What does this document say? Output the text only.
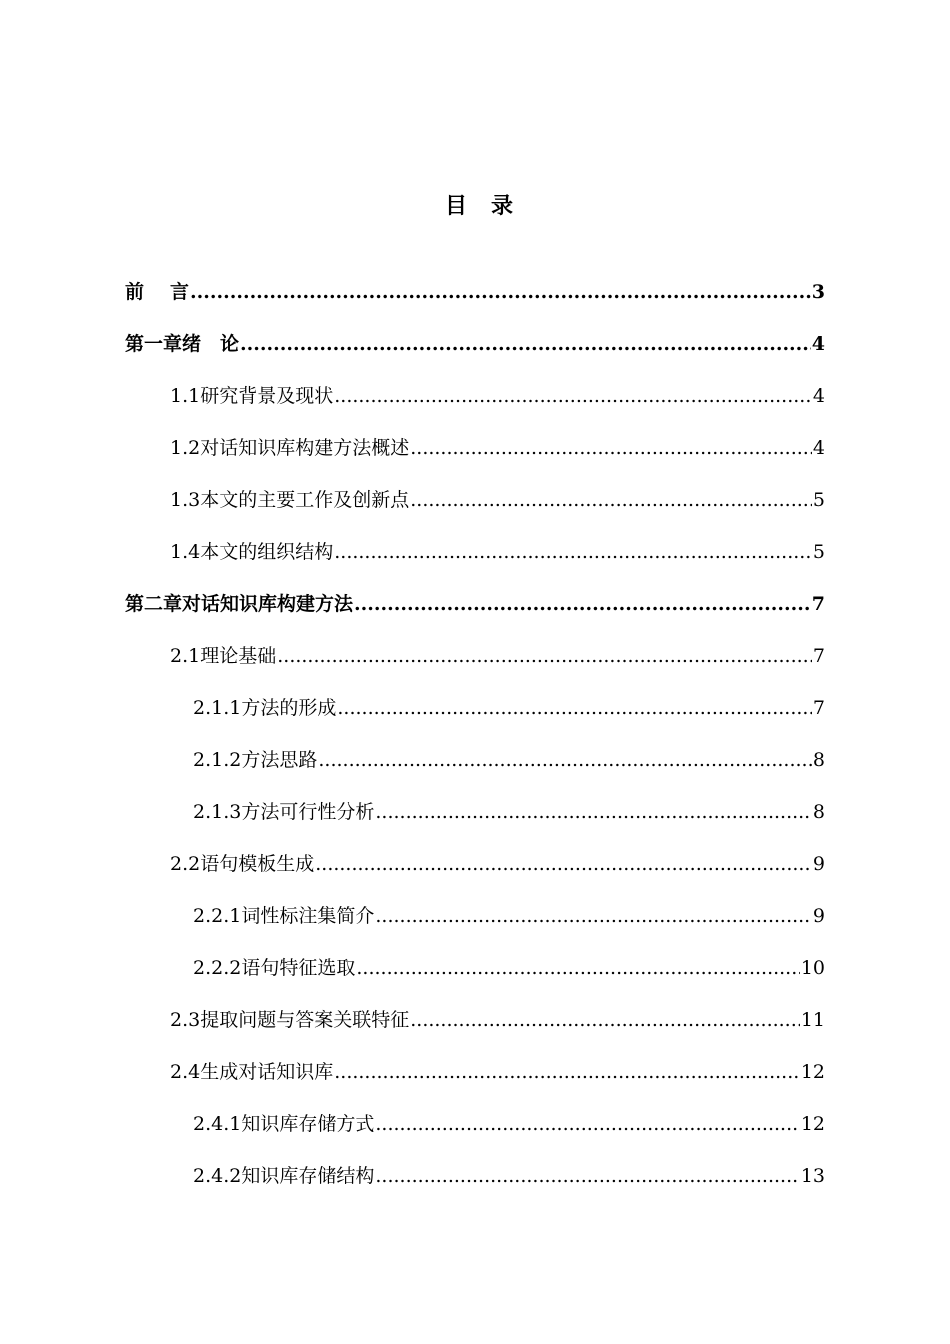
目 录
前 言 .....	3
第一章 绪　论 .....	4
1.1 研究背景及现状 .....	4
1.2 对话知识库构建方法概述 .....	4
1.3 本文的主要工作及创新点 .....	5
1.4 本文的组织结构 .....	5
第二章 对话知识库构建方法 .....	7
2.1 理论基础 .....	7
2.1.1 方法的形成 .....	7
2.1.2 方法思路 .....	8
2.1.3 方法可行性分析 .....	8
2.2 语句模板生成 .....	9
2.2.1 词性标注集简介 .....	9
2.2.2 语句特征选取 .....	10
2.3 提取问题与答案关联特征 .....	11
2.4 生成对话知识库 .....	12
2.4.1 知识库存储方式 .....	12
2.4.2 知识库存储结构 .....	13
